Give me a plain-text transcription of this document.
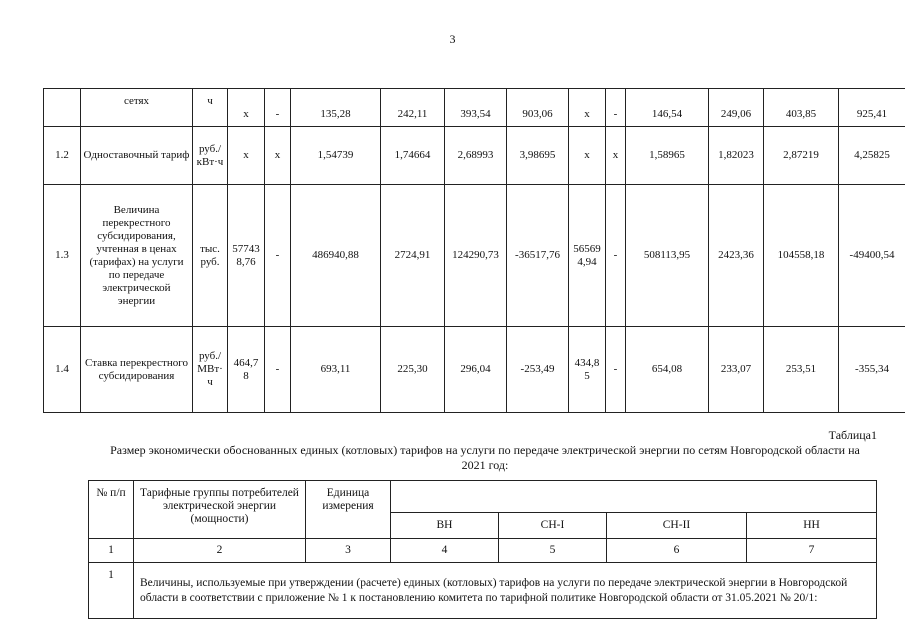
3
	сетях	ч	x	-	135,28	242,11	393,54	903,06	x	-	146,54	249,06	403,85	925,41
1.2	Одноставочный тариф	руб./ кВт·ч	x	x	1,54739	1,74664	2,68993	3,98695	x	x	1,58965	1,82023	2,87219	4,25825
1.3	Величина перекрестного субсидирования, учтенная в ценах (тарифах) на услуги по передаче электрической энергии	тыс. руб.	57743 8,76	-	486940,88	2724,91	124290,73	-36517,76	56569 4,94	-	508113,95	2423,36	104558,18	-49400,54
1.4	Ставка перекрестного субсидирования	руб./ МВт· ч	464,7 8	-	693,11	225,30	296,04	-253,49	434,8 5	-	654,08	233,07	253,51	-355,34
Таблица1
Размер экономически обоснованных единых (котловых) тарифов на услуги по передаче электрической энергии по сетям Новгородской области на 2021 год:
№ п/п	Тарифные группы потребителей электрической энергии (мощности)	Единица измерения				
			ВН	СН-I	СН-II	НН
1	2	3	4	5	6	7
1	Величины, используемые при утверждении (расчете) единых (котловых) тарифов на услуги по передаче электрической энергии в Новгородской области в соответствии с приложение № 1 к постановлению комитета по тарифной политике Новгородской области от 31.05.2021 № 20/1:					
